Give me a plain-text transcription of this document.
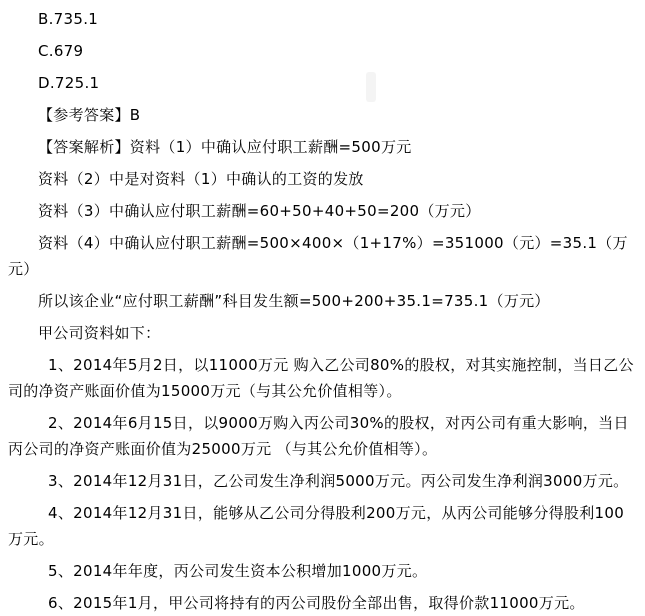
B.735.1

C.679

D.725.1

【参考答案】B

【答案解析】资料（1）中确认应付职工薪酬=500万元

资料（2）中是对资料（1）中确认的工资的发放

资料（3）中确认应付职工薪酬=60+50+40+50=200（万元）

资料（4）中确认应付职工薪酬=500×400×（1+17%）=351000（元）=35.1（万元）

所以该企业“应付职工薪酬”科目发生额=500+200+35.1=735.1（万元）

甲公司资料如下：

1、2014年5月2日，以11000万元 购入乙公司80%的股权，对其实施控制，当日乙公司的净资产账面价值为15000万元（与其公允价值相等）。

2、2014年6月15日，以9000万购入丙公司30%的股权，对丙公司有重大影响，当日丙公司的净资产账面价值为25000万元 （与其公允价值相等）。

3、2014年12月31日，乙公司发生净利润5000万元。丙公司发生净利润3000万元。

4、2014年12月31日，能够从乙公司分得股利200万元，从丙公司能够分得股利100万元。

5、2014年年度，丙公司发生资本公积增加1000万元。

6、2015年1月，甲公司将持有的丙公司股份全部出售，取得价款11000万元。
